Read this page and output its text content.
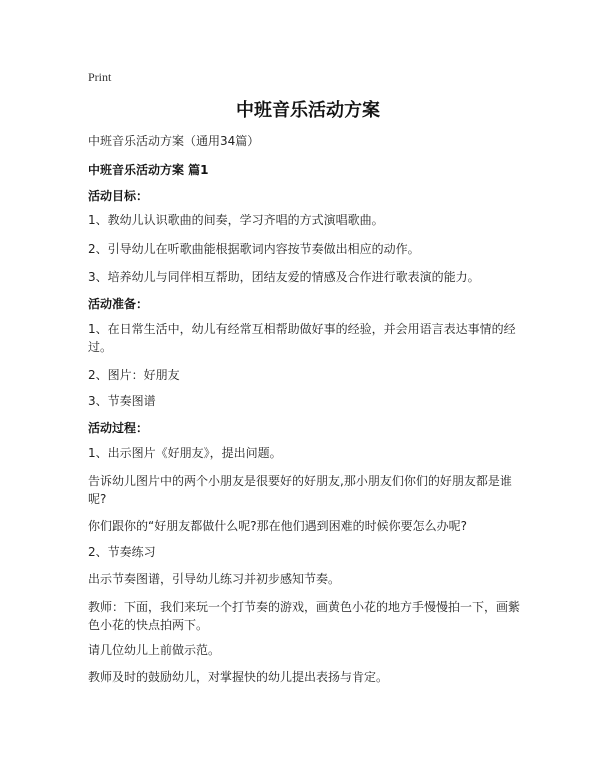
Print
中班音乐活动方案
中班音乐活动方案（通用34篇）
中班音乐活动方案 篇1
活动目标：
1、教幼儿认识歌曲的间奏，学习齐唱的方式演唱歌曲。
2、引导幼儿在听歌曲能根据歌词内容按节奏做出相应的动作。
3、培养幼儿与同伴相互帮助，团结友爱的情感及合作进行歌表演的能力。
活动准备：
1、在日常生活中，幼儿有经常互相帮助做好事的经验，并会用语言表达事情的经过。
2、图片：好朋友
3、节奏图谱
活动过程：
1、出示图片《好朋友》，提出问题。
告诉幼儿图片中的两个小朋友是很要好的好朋友,那小朋友们你们的好朋友都是谁呢?
你们跟你的“好朋友都做什么呢?那在他们遇到困难的时候你要怎么办呢?
2、节奏练习
出示节奏图谱，引导幼儿练习并初步感知节奏。
教师：下面，我们来玩一个打节奏的游戏，画黄色小花的地方手慢慢拍一下，画紫色小花的快点拍两下。
请几位幼儿上前做示范。
教师及时的鼓励幼儿，对掌握快的幼儿提出表扬与肯定。
